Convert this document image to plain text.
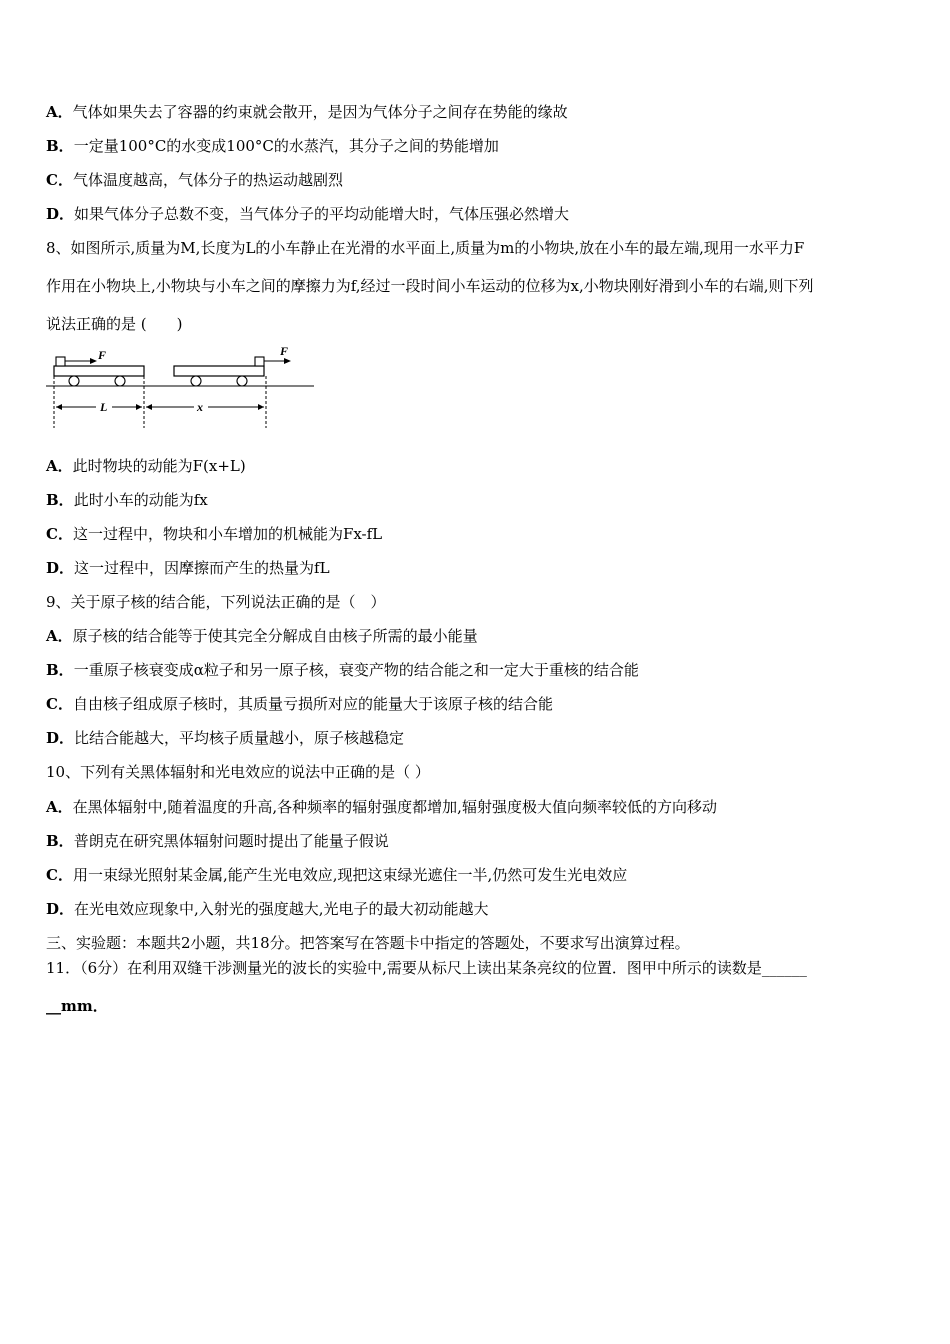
A．气体如果失去了容器的约束就会散开，是因为气体分子之间存在势能的缘故
B．一定量100°C的水变成100°C的水蒸汽，其分子之间的势能增加
C．气体温度越高，气体分子的热运动越剧烈
D．如果气体分子总数不变，当气体分子的平均动能增大时，气体压强必然增大
8、如图所示,质量为M,长度为L的小车静止在光滑的水平面上,质量为m的小物块,放在小车的最左端,现用一水平力F
作用在小物块上,小物块与小车之间的摩擦力为f,经过一段时间小车运动的位移为x,小物块刚好滑到小车的右端,则下列
说法正确的是 (　　)
F	F
L	x
A．此时物块的动能为F(x+L)
B．此时小车的动能为fx
C．这一过程中，物块和小车增加的机械能为Fx-fL
D．这一过程中，因摩擦而产生的热量为fL
9、关于原子核的结合能，下列说法正确的是（　）
A．原子核的结合能等于使其完全分解成自由核子所需的最小能量
B．一重原子核衰变成α粒子和另一原子核，衰变产物的结合能之和一定大于重核的结合能
C．自由核子组成原子核时，其质量亏损所对应的能量大于该原子核的结合能
D．比结合能越大，平均核子质量越小，原子核越稳定
10、下列有关黑体辐射和光电效应的说法中正确的是（ ）
A．在黑体辐射中,随着温度的升高,各种频率的辐射强度都增加,辐射强度极大值向频率较低的方向移动
B．普朗克在研究黑体辐射问题时提出了能量子假说
C．用一束绿光照射某金属,能产生光电效应,现把这束绿光遮住一半,仍然可发生光电效应
D．在光电效应现象中,入射光的强度越大,光电子的最大初动能越大
三、实验题：本题共2小题，共18分。把答案写在答题卡中指定的答题处，不要求写出演算过程。
11．（6分）在利用双缝干涉测量光的波长的实验中,需要从标尺上读出某条亮纹的位置．图甲中所示的读数是______
__mm．
